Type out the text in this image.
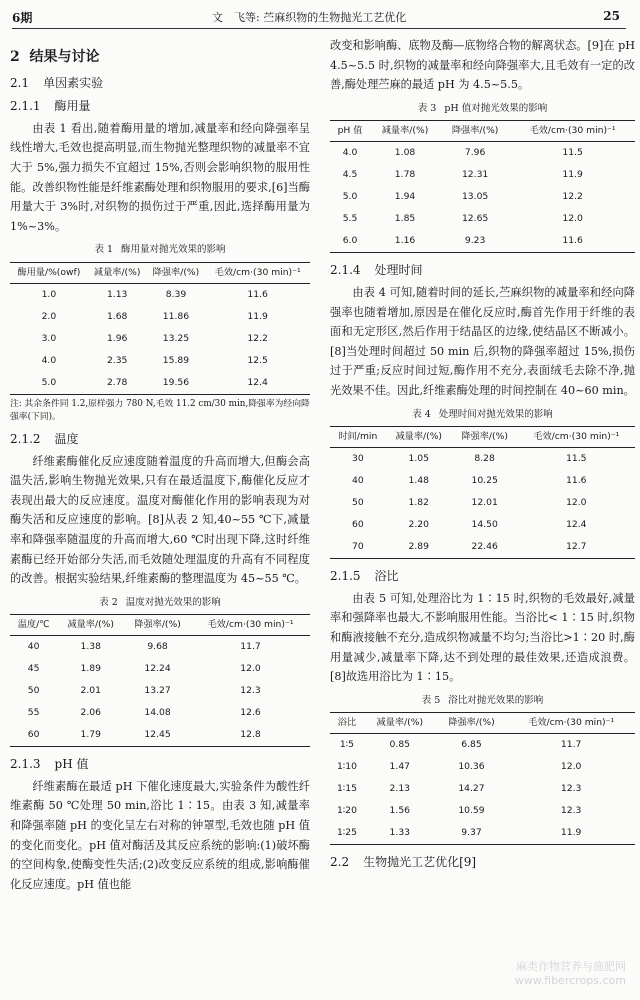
6期	文　飞等: 苎麻织物的生物抛光工艺优化	25
2 结果与讨论
2.1 单因素实验
2.1.1 酶用量

由表 1 看出,随着酶用量的增加,减量率和经向降强率呈线性增大,毛效也提高明显,而生物抛光整理织物的减量率不宜大于 5%,强力损失不宜超过 15%,否则会影响织物的服用性能。改善织物性能是纤维素酶处理和织物服用的要求,[6]当酶用量大于 3%时,对织物的损伤过于严重,因此,选择酶用量为 1%~3%。

表 1 酶用量对抛光效果的影响
酶用量/%(owf)	减量率/(%)	降强率/(%)	毛效/cm·(30 min)⁻¹
1.0	1.13	8.39	11.6
2.0	1.68	11.86	11.9
3.0	1.96	13.25	12.2
4.0	2.35	15.89	12.5
5.0	2.78	19.56	12.4
注: 其余条件同 1.2,原样强力 780 N,毛效 11.2 cm/30 min,降强率为经向降强率(下同)。
2.1.2 温度

纤维素酶催化反应速度随着温度的升高而增大,但酶会高温失活,影响生物抛光效果,只有在最适温度下,酶催化反应才表现出最大的反应速度。温度对酶催化作用的影响表现为对酶失活和反应速度的影响。[8]从表 2 知,40~55 ℃下,减量率和降强率随温度的升高而增大,60 ℃时出现下降,这时纤维素酶已经开始部分失活,而毛效随处理温度的升高有不同程度的改善。根据实验结果,纤维素酶的整理温度为 45~55 ℃。

表 2 温度对抛光效果的影响
温度/℃	减量率/(%)	降强率/(%)	毛效/cm·(30 min)⁻¹
40	1.38	9.68	11.7
45	1.89	12.24	12.0
50	2.01	13.27	12.3
55	2.06	14.08	12.6
60	1.79	12.45	12.8
2.1.3 pH 值

纤维素酶在最适 pH 下催化速度最大,实验条件为酸性纤维素酶 50 ℃处理 50 min,浴比 1∶15。由表 3 知,减量率和降强率随 pH 的变化呈左右对称的钟罩型,毛效也随 pH 值的变化而变化。pH 值对酶活及其反应系统的影响:(1)破坏酶的空间构象,使酶变性失活;(2)改变反应系统的组成,影响酶催化反应速度。pH 值也能

改变和影响酶、底物及酶—底物络合物的解离状态。[9]在 pH 4.5~5.5 时,织物的减量率和经向降强率大,且毛效有一定的改善,酶处理苎麻的最适 pH 为 4.5~5.5。

表 3 pH 值对抛光效果的影响
pH 值	减量率/(%)	降强率/(%)	毛效/cm·(30 min)⁻¹
4.0	1.08	7.96	11.5
4.5	1.78	12.31	11.9
5.0	1.94	13.05	12.2
5.5	1.85	12.65	12.0
6.0	1.16	9.23	11.6
2.1.4 处理时间

由表 4 可知,随着时间的延长,苎麻织物的减量率和经向降强率也随着增加,原因是在催化反应时,酶首先作用于纤维的表面和无定形区,然后作用于结晶区的边缘,使结晶区不断减小。[8]当处理时间超过 50 min 后,织物的降强率超过 15%,损伤过于严重;反应时间过短,酶作用不充分,表面绒毛去除不净,抛光效果不佳。因此,纤维素酶处理的时间控制在 40~60 min。

表 4 处理时间对抛光效果的影响
时间/min	减量率/(%)	降强率/(%)	毛效/cm·(30 min)⁻¹
30	1.05	8.28	11.5
40	1.48	10.25	11.6
50	1.82	12.01	12.0
60	2.20	14.50	12.4
70	2.89	22.46	12.7
2.1.5 浴比

由表 5 可知,处理浴比为 1∶15 时,织物的毛效最好,减量率和强降率也最大,不影响服用性能。当浴比< 1∶15 时,织物和酶液接触不充分,造成织物减量不均匀;当浴比>1∶20 时,酶用量减少,减量率下降,达不到处理的最佳效果,还造成浪费。[8]故选用浴比为 1∶15。

表 5 浴比对抛光效果的影响
浴比	减量率/(%)	降强率/(%)	毛效/cm·(30 min)⁻¹
1∶5	0.85	6.85	11.7
1∶10	1.47	10.36	12.0
1∶15	2.13	14.27	12.3
1∶20	1.56	10.59	12.3
1∶25	1.33	9.37	11.9
2.2 生物抛光工艺优化[9]
麻类作物营养与施肥网
www.fibercrops.com
